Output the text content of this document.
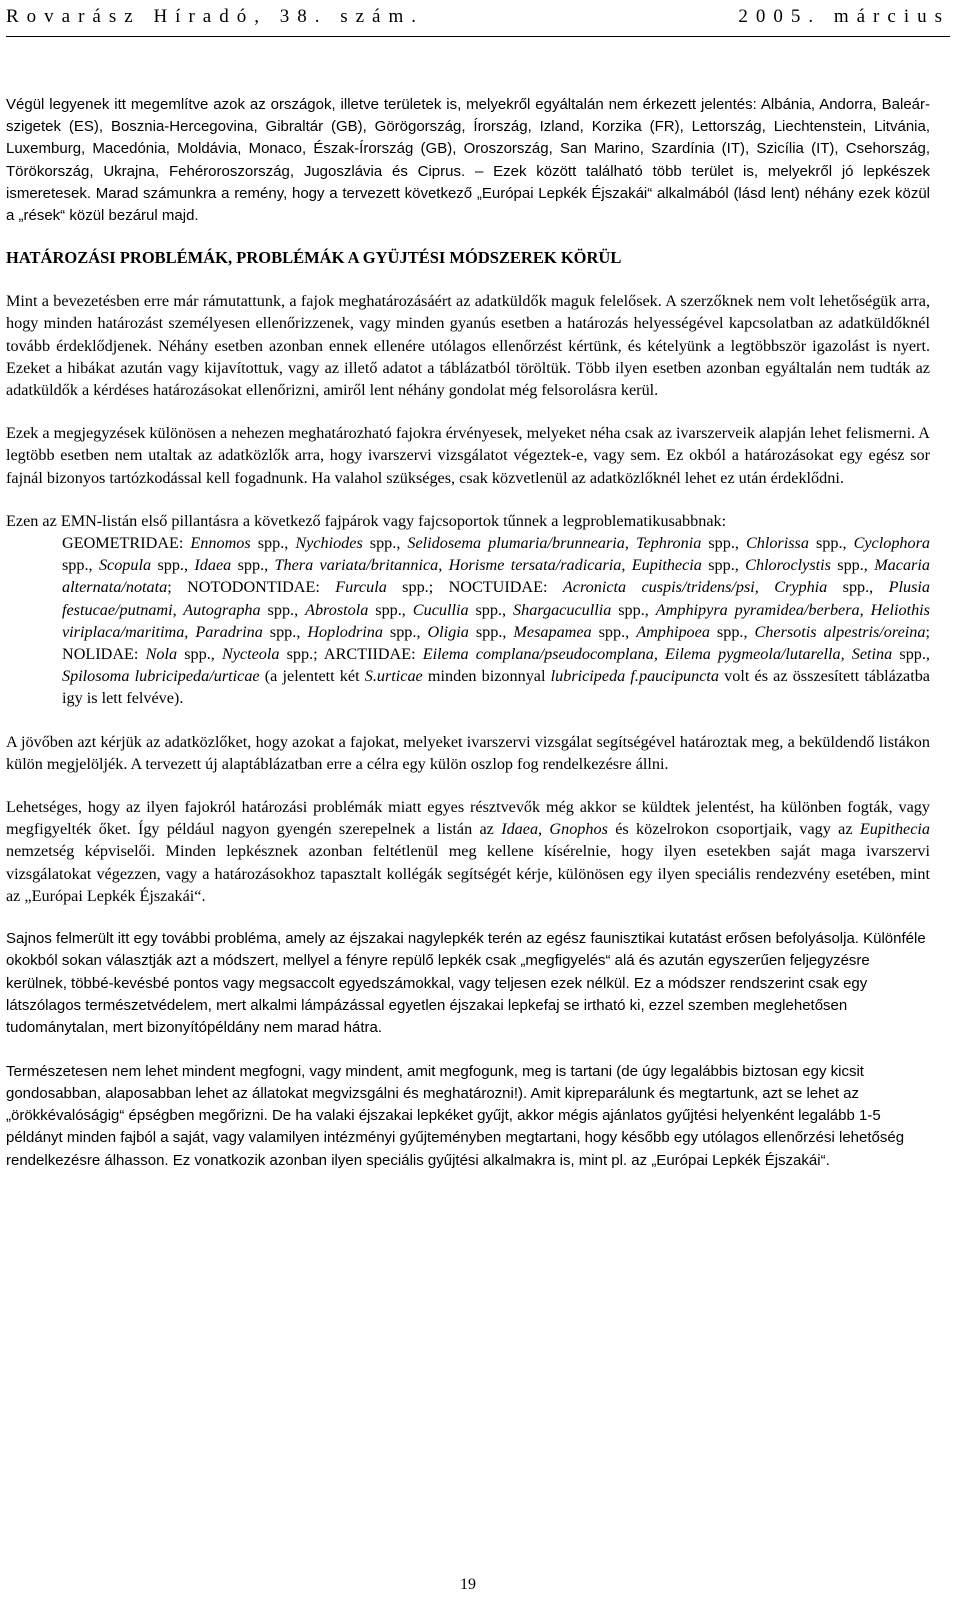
Rovarász Híradó, 38. szám.	2005. március

Végül legyenek itt megemlítve azok az országok, illetve területek is, melyekről egyáltalán nem érkezett jelentés: Albánia, Andorra, Baleár-szigetek (ES), Bosznia-Hercegovina, Gibraltár (GB), Görögország, Írország, Izland, Korzika (FR), Lettország, Liechtenstein, Litvánia, Luxemburg, Macedónia, Moldávia, Monaco, Észak-Írország (GB), Oroszország, San Marino, Szardínia (IT), Szicília (IT), Csehország, Törökország, Ukrajna, Fehéroroszország, Jugoszlávia és Ciprus. – Ezek között található több terület is, melyekről jó lepkészek ismeretesek. Marad számunkra a remény, hogy a tervezett következő „Európai Lepkék Éjszakái“ alkalmából (lásd lent) néhány ezek közül a „rések“ közül bezárul majd.

HATÁROZÁSI PROBLÉMÁK, PROBLÉMÁK A GYÜJTÉSI MÓDSZEREK KÖRÜL

Mint a bevezetésben erre már rámutattunk, a fajok meghatározásáért az adatküldők maguk felelősek. A szerzőknek nem volt lehetőségük arra, hogy minden határozást személyesen ellenőrizzenek, vagy minden gyanús esetben a határozás helyességével kapcsolatban az adatküldőknél tovább érdeklődjenek. Néhány esetben azonban ennek ellenére utólagos ellenőrzést kértünk, és kételyünk a legtöbbször igazolást is nyert. Ezeket a hibákat azután vagy kijavítottuk, vagy az illető adatot a táblázatból töröltük. Több ilyen esetben azonban egyáltalán nem tudták az adatküldők a kérdéses határozásokat ellenőrizni, amiről lent néhány gondolat még felsorolásra kerül.

Ezek a megjegyzések különösen a nehezen meghatározható fajokra érvényesek, melyeket néha csak az ivarszerveik alapján lehet felismerni. A legtöbb esetben nem utaltak az adatközlők arra, hogy ivarszervi vizsgálatot végeztek-e, vagy sem. Ez okból a határozásokat egy egész sor fajnál bizonyos tartózkodással kell fogadnunk. Ha valahol szükséges, csak közvetlenül az adatközlőknél lehet ez után érdeklődni.

Ezen az EMN-listán első pillantásra a következő fajpárok vagy fajcsoportok tűnnek a legproblematikusabbnak:

GEOMETRIDAE: Ennomos spp., Nychiodes spp., Selidosema plumaria/brunnearia, Tephronia spp., Chlorissa spp., Cyclophora spp., Scopula spp., Idaea spp., Thera variata/britannica, Horisme tersata/radicaria, Eupithecia spp., Chloroclystis spp., Macaria alternata/notata; NOTODONTIDAE: Furcula spp.; NOCTUIDAE: Acronicta cuspis/tridens/psi, Cryphia spp., Plusia festucae/putnami, Autographa spp., Abrostola spp., Cucullia spp., Shargacucullia spp., Amphipyra pyramidea/berbera, Heliothis viriplaca/maritima, Paradrina spp., Hoplodrina spp., Oligia spp., Mesapamea spp., Amphipoea spp., Chersotis alpestris/oreina; NOLIDAE: Nola spp., Nycteola spp.; ARCTIIDAE: Eilema complana/pseudocomplana, Eilema pygmeola/lutarella, Setina spp., Spilosoma lubricipeda/urticae (a jelentett két S.urticae minden bizonnyal lubricipeda f.paucipuncta volt és az összesített táblázatba igy is lett felvéve).

A jövőben azt kérjük az adatközlőket, hogy azokat a fajokat, melyeket ivarszervi vizsgálat segítségével határoztak meg, a beküldendő listákon külön megjelöljék. A tervezett új alaptáblázatban erre a célra egy külön oszlop fog rendelkezésre állni.

Lehetséges, hogy az ilyen fajokról határozási problémák miatt egyes résztvevők még akkor se küldtek jelentést, ha különben fogták, vagy megfigyelték őket. Így például nagyon gyengén szerepelnek a listán az Idaea, Gnophos és közelrokon csoportjaik, vagy az Eupithecia nemzetség képviselői. Minden lepkésznek azonban feltétlenül meg kellene kísérelnie, hogy ilyen esetekben saját maga ivarszervi vizsgálatokat végezzen, vagy a határozásokhoz tapasztalt kollégák segítségét kérje, különösen egy ilyen speciális rendezvény esetében, mint az „Európai Lepkék Éjszakái“.

Sajnos felmerült itt egy további probléma, amely az éjszakai nagylepkék terén az egész faunisztikai kutatást erősen befolyásolja. Különféle okokból sokan választják azt a módszert, mellyel a fényre repülő lepkék csak „megfigyelés“ alá és azután egyszerűen feljegyzésre kerülnek, többé-kevésbé pontos vagy megsaccolt egyedszámokkal, vagy teljesen ezek nélkül. Ez a módszer rendszerint csak egy látszólagos természetvédelem, mert alkalmi lámpázással egyetlen éjszakai lepkefaj se irtható ki, ezzel szemben meglehetősen tudománytalan, mert bizonyítópéldány nem marad hátra.

Természetesen nem lehet mindent megfogni, vagy mindent, amit megfogunk, meg is tartani (de úgy legalábbis biztosan egy kicsit gondosabban, alaposabban lehet az állatokat megvizsgálni és meghatározni!). Amit kipreparálunk és megtartunk, azt se lehet az „örökkévalóságig“ épségben megőrizni. De ha valaki éjszakai lepkéket gyűjt, akkor mégis ajánlatos gyűjtési helyenként legalább 1-5 példányt minden fajból a saját, vagy valamilyen intézményi gyűjteményben megtartani, hogy később egy utólagos ellenőrzési lehetőség rendelkezésre álhasson. Ez vonatkozik azonban ilyen speciális gyűjtési alkalmakra is, mint pl. az „Európai Lepkék Éjszakái“.

19
